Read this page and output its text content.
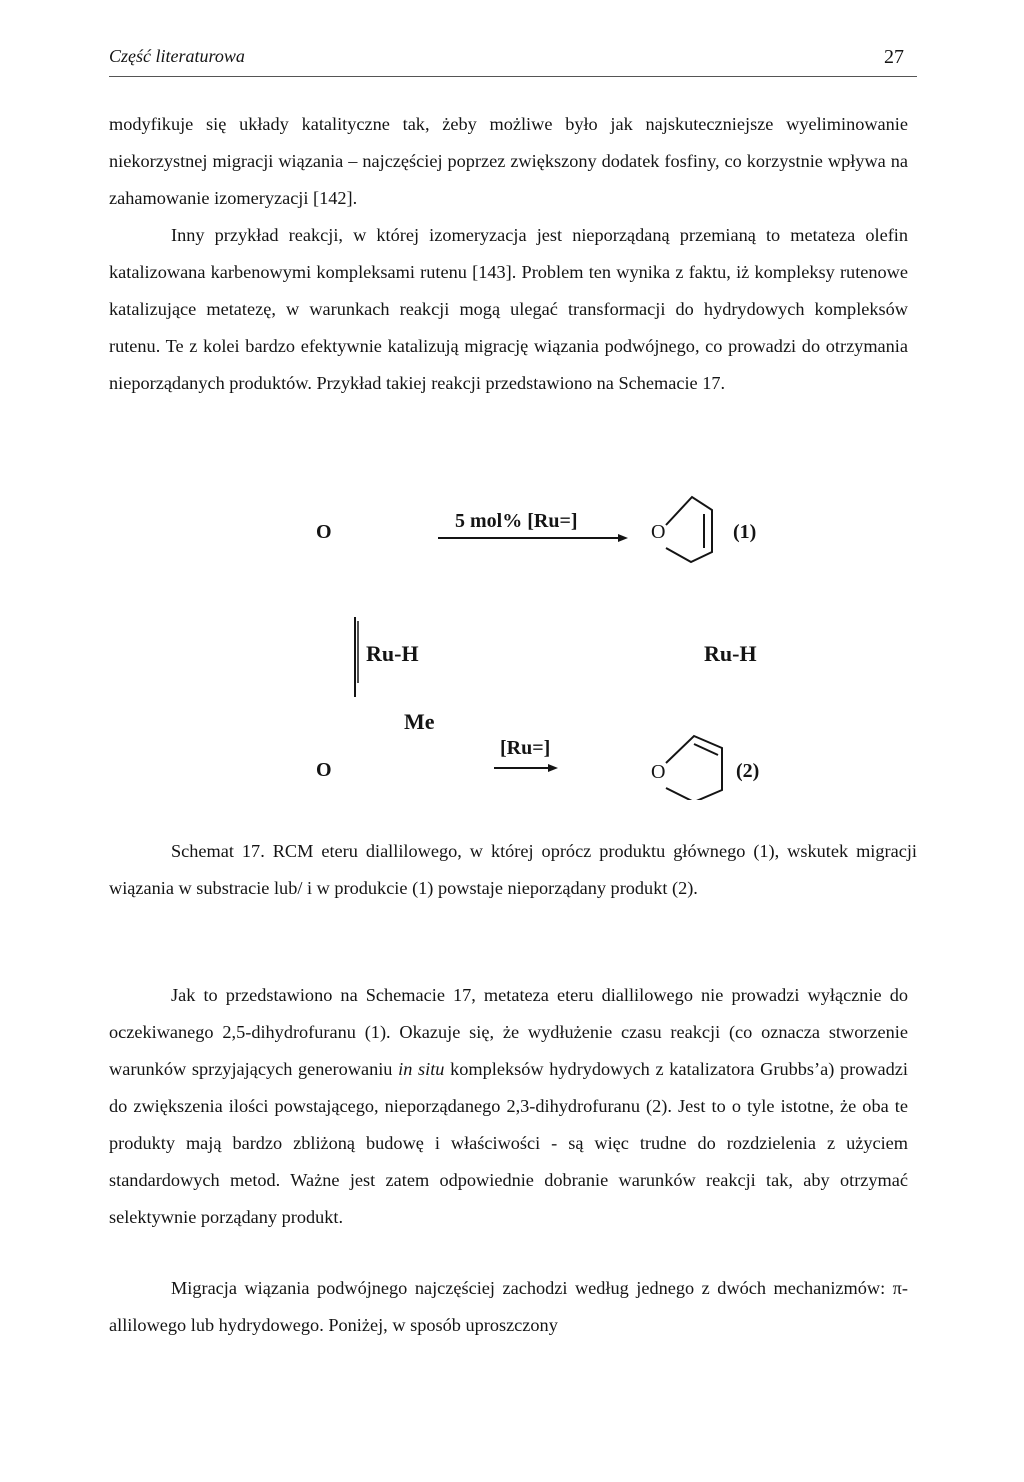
Część literaturowa	27

modyfikuje się układy katalityczne tak, żeby możliwe było jak najskuteczniejsze wyeliminowanie niekorzystnej migracji wiązania – najczęściej poprzez zwiększony dodatek fosfiny, co korzystnie wpływa na zahamowanie izomeryzacji [142].

Inny przykład reakcji, w której izomeryzacja jest nieporządaną przemianą to metateza olefin katalizowana karbenowymi kompleksami rutenu [143]. Problem ten wynika z faktu, iż kompleksy rutenowe katalizujące metatezę, w warunkach reakcji mogą ulegać transformacji do hydrydowych kompleksów rutenu. Te z kolei bardzo efektywnie katalizują migrację wiązania podwójnego, co prowadzi do otrzymania nieporządanych produktów. Przykład takiej reakcji przedstawiono na Schemacie 17.

O	5 mol% [Ru=]	O	(1)
Ru-H	Ru-H
Me
O
[Ru=]
O	(2)

Schemat 17. RCM eteru diallilowego, w której oprócz produktu głównego (1), wskutek migracji wiązania w substracie lub/ i w produkcie (1) powstaje nieporządany produkt (2).

Jak to przedstawiono na Schemacie 17, metateza eteru diallilowego nie prowadzi wyłącznie do oczekiwanego 2,5-dihydrofuranu (1). Okazuje się, że wydłużenie czasu reakcji (co oznacza stworzenie warunków sprzyjających generowaniu in situ kompleksów hydrydowych z katalizatora Grubbs’a) prowadzi do zwiększenia ilości powstającego, nieporządanego 2,3-dihydrofuranu (2). Jest to o tyle istotne, że oba te produkty mają bardzo zbliżoną budowę i właściwości - są więc trudne do rozdzielenia z użyciem standardowych metod. Ważne jest zatem odpowiednie dobranie warunków reakcji tak, aby otrzymać selektywnie porządany produkt.

Migracja wiązania podwójnego najczęściej zachodzi według jednego z dwóch mechanizmów: π-allilowego lub hydrydowego. Poniżej, w sposób uproszczony
